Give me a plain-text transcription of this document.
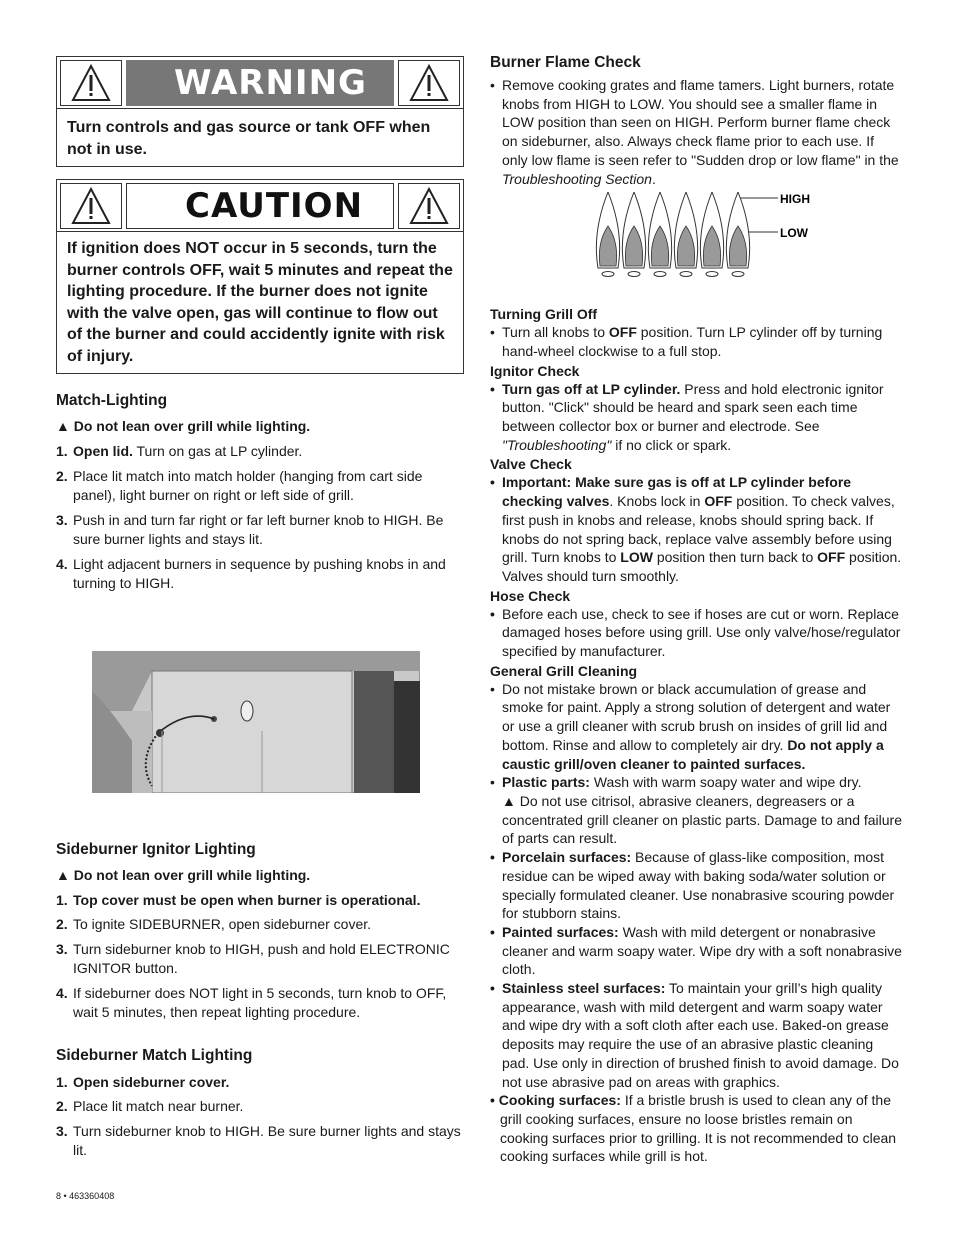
WARNING
Turn controls and gas source or tank OFF when not in use.
CAUTION
If ignition does NOT occur in 5 seconds, turn the burner controls OFF, wait 5 minutes and repeat the lighting procedure. If the burner does not ignite with the valve open, gas will continue to flow out of the burner and could accidently ignite with risk of injury.
Match-Lighting
▲ Do not lean over grill while lighting.
1. Open lid. Turn on gas at LP cylinder.
2. Place lit match into match holder (hanging from cart side panel), light burner on right or left side of grill.
3. Push in and turn far right or far left burner knob to HIGH. Be sure burner lights and stays lit.
4. Light adjacent burners in sequence by pushing knobs in and turning to HIGH.
Sideburner Ignitor Lighting
▲ Do not lean over grill while lighting.
1. Top cover must be open when burner is operational.
2. To ignite SIDEBURNER, open sideburner cover.
3. Turn sideburner knob to HIGH, push and hold ELECTRONIC IGNITOR button.
4. If sideburner does NOT light in 5 seconds, turn knob to OFF, wait 5 minutes, then repeat lighting procedure.
Sideburner Match Lighting
1. Open sideburner cover.
2. Place lit match near burner.
3. Turn sideburner knob to HIGH. Be sure burner lights and stays lit.
Burner Flame Check
• Remove cooking grates and flame tamers. Light burners, rotate knobs from HIGH to LOW. You should see a smaller flame in LOW position than seen on HIGH. Perform burner flame check on sideburner, also. Always check flame prior to each use. If only low flame is seen refer to "Sudden drop or low flame" in the Troubleshooting Section.
HIGH
LOW
Turning Grill Off
• Turn all knobs to OFF position. Turn LP cylinder off by turning hand-wheel clockwise to a full stop.
Ignitor Check
• Turn gas off at LP cylinder. Press and hold electronic ignitor button. "Click" should be heard and spark seen each time between collector box or burner and electrode. See "Troubleshooting" if no click or spark.
Valve Check
• Important: Make sure gas is off at LP cylinder before checking valves. Knobs lock in OFF position. To check valves, first push in knobs and release, knobs should spring back. If knobs do not spring back, replace valve assembly before using grill. Turn knobs to LOW position then turn back to OFF position. Valves should turn smoothly.
Hose Check
• Before each use, check to see if hoses are cut or worn. Replace damaged hoses before using grill. Use only valve/hose/regulator specified by manufacturer.
General Grill Cleaning
• Do not mistake brown or black accumulation of grease and smoke for paint. Apply a strong solution of detergent and water or use a grill cleaner with scrub brush on insides of grill lid and bottom. Rinse and allow to completely air dry. Do not apply a caustic grill/oven cleaner to painted surfaces.
• Plastic parts: Wash with warm soapy water and wipe dry.
▲ Do not use citrisol, abrasive cleaners, degreasers or a concentrated grill cleaner on plastic parts. Damage to and failure of parts can result.
• Porcelain surfaces: Because of glass-like composition, most residue can be wiped away with baking soda/water solution or specially formulated cleaner. Use nonabrasive scouring powder for stubborn stains.
• Painted surfaces: Wash with mild detergent or nonabrasive cleaner and warm soapy water. Wipe dry with a soft nonabrasive cloth.
• Stainless steel surfaces: To maintain your grill’s high quality appearance, wash with mild detergent and warm soapy water and wipe dry with a soft cloth after each use. Baked-on grease deposits may require the use of an abrasive plastic cleaning pad. Use only in direction of brushed finish to avoid damage. Do not use abrasive pad on areas with graphics.
• Cooking surfaces: If a bristle brush is used to clean any of the grill cooking surfaces, ensure no loose bristles remain on cooking surfaces prior to grilling. It is not recommended to clean cooking surfaces while grill is hot.
8 • 463360408
